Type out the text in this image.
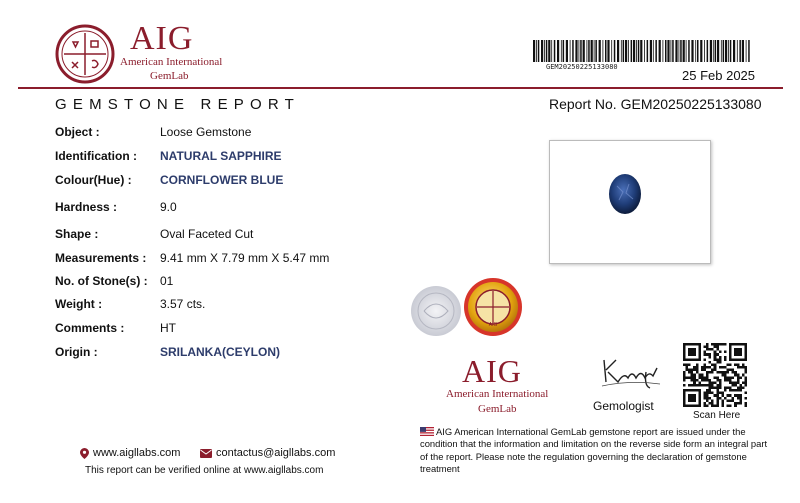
AIG
American International
GemLab
GEM20250225133080
25 Feb 2025
GEMSTONE REPORT	Report No. GEM20250225133080
Object :	Loose Gemstone
Identification : NATURAL SAPPHIRE
Colour(Hue) : CORNFLOWER BLUE
Hardness :	9.0
Shape :	Oval Faceted Cut
Measurements : 9.41 mm X 7.79 mm X 5.47 mm
No. of Stone(s) : 01
Weight :	3.57 cts.
Comments :	HT
Origin :	SRILANKA(CEYLON)
AIG
AIG
American International
GemLab	Gemologist
Scan Here
AIG American International GemLab gemstone report are issued under the condition that the information and limitation on the reverse side form an integral part of the report. Please note the regulation governing the declaration of gemstone treatment
www.aigllabs.com	contactus@aigllabs.com
This report can be verified online at www.aigllabs.com
